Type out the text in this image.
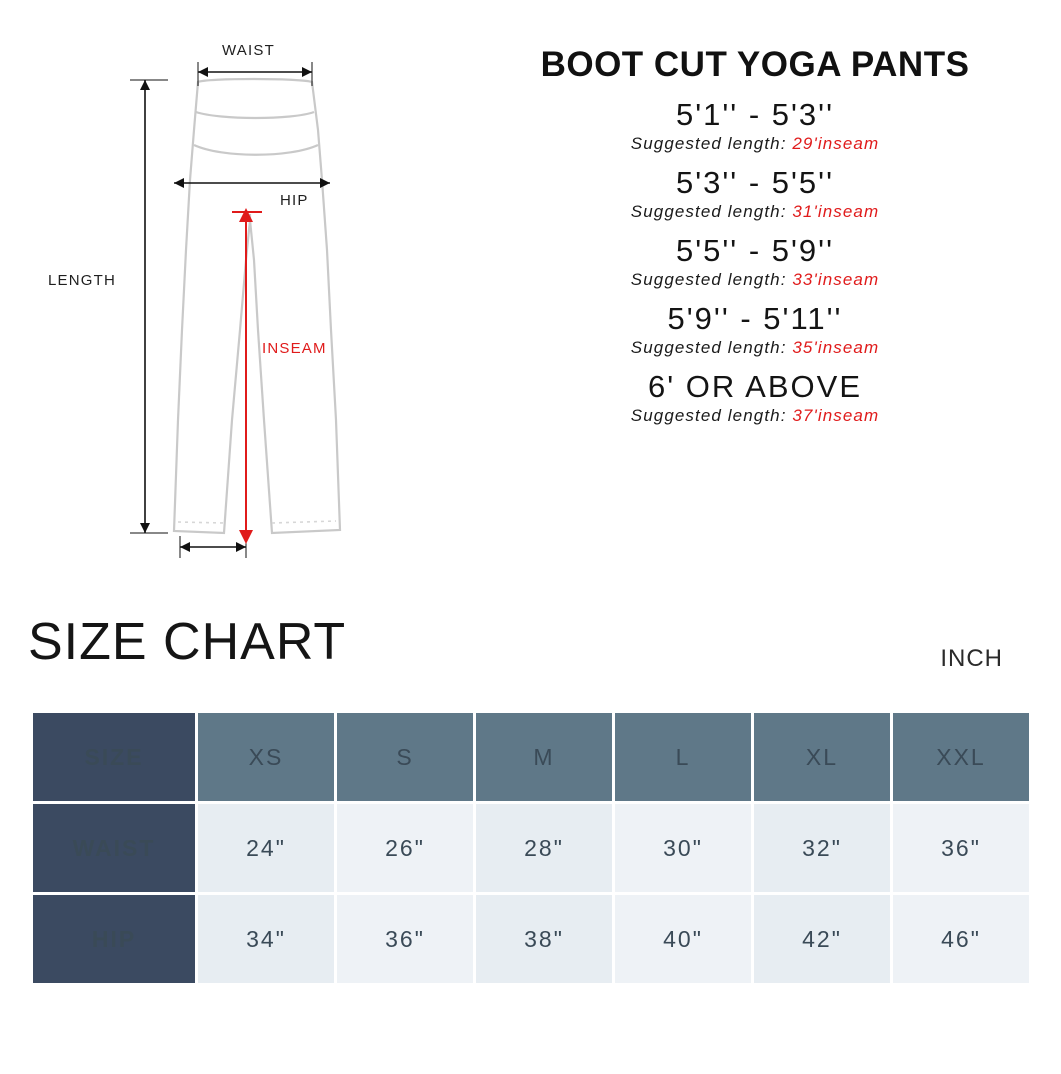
WAIST
HIP
LENGTH
INSEAM
BOOT CUT YOGA PANTS
5'1'' - 5'3''
Suggested length: 29'inseam
5'3'' - 5'5''
Suggested length: 31'inseam
5'5'' - 5'9''
Suggested length: 33'inseam
5'9'' - 5'11''
Suggested length: 35'inseam
6' OR ABOVE
Suggested length: 37'inseam
SIZE CHART	INCH
SIZE	XS	S	M	L	XL	XXL
WAIST	24"	26"	28"	30"	32"	36"
HIP	34"	36"	38"	40"	42"	46"
